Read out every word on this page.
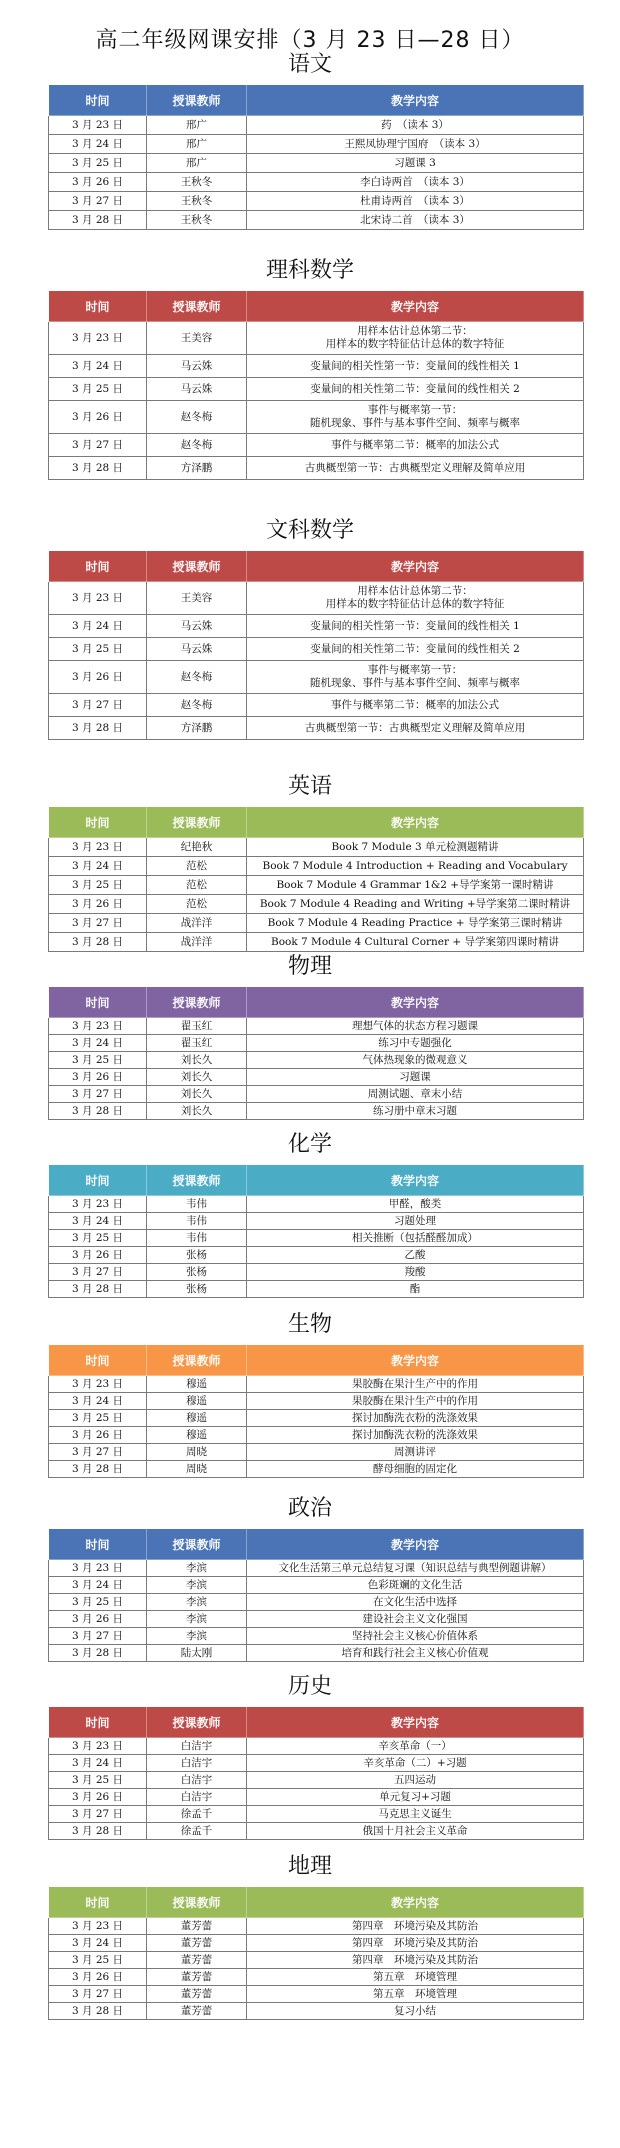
高二年级网课安排（3 月 23 日—28 日）
语文
时间	授课教师	教学内容
3 月 23 日	邢广	药　（读本 3）
3 月 24 日	邢广	王熙凤协理宁国府　（读本 3）
3 月 25 日	邢广	习题课 3
3 月 26 日	王秋冬	李白诗两首　（读本 3）
3 月 27 日	王秋冬	杜甫诗两首　（读本 3）
3 月 28 日	王秋冬	北宋诗二首　（读本 3）
理科数学
时间	授课教师	教学内容
3 月 23 日	王美容	用样本估计总体第二节：
用样本的数字特征估计总体的数字特征
3 月 24 日	马云姝	变量间的相关性第一节：变量间的线性相关 1
3 月 25 日	马云姝	变量间的相关性第二节：变量间的线性相关 2
3 月 26 日	赵冬梅	事件与概率第一节：
随机现象、事件与基本事件空间、频率与概率
3 月 27 日	赵冬梅	事件与概率第二节：概率的加法公式
3 月 28 日	方泽鹏	古典概型第一节：古典概型定义理解及简单应用
文科数学
时间	授课教师	教学内容
3 月 23 日	王美容	用样本估计总体第二节：
用样本的数字特征估计总体的数字特征
3 月 24 日	马云姝	变量间的相关性第一节：变量间的线性相关 1
3 月 25 日	马云姝	变量间的相关性第二节：变量间的线性相关 2
3 月 26 日	赵冬梅	事件与概率第一节：
随机现象、事件与基本事件空间、频率与概率
3 月 27 日	赵冬梅	事件与概率第二节：概率的加法公式
3 月 28 日	方泽鹏	古典概型第一节：古典概型定义理解及简单应用
英语
时间	授课教师	教学内容
3 月 23 日	纪艳秋	Book 7 Module 3 单元检测题精讲
3 月 24 日	范松	Book 7 Module 4 Introduction + Reading and Vocabulary
3 月 25 日	范松	Book 7 Module 4 Grammar 1&2 +导学案第一课时精讲
3 月 26 日	范松	Book 7 Module 4 Reading and Writing +导学案第二课时精讲
3 月 27 日	战洋洋	Book 7 Module 4 Reading Practice + 导学案第三课时精讲
3 月 28 日	战洋洋	Book 7 Module 4 Cultural Corner + 导学案第四课时精讲
物理
时间	授课教师	教学内容
3 月 23 日	翟玉红	理想气体的状态方程习题课
3 月 24 日	翟玉红	练习中专题强化
3 月 25 日	刘长久	气体热现象的微观意义
3 月 26 日	刘长久	习题课
3 月 27 日	刘长久	周测试题、章末小结
3 月 28 日	刘长久	练习册中章末习题
化学
时间	授课教师	教学内容
3 月 23 日	韦伟	甲醛，酸类
3 月 24 日	韦伟	习题处理
3 月 25 日	韦伟	相关推断（包括醛醛加成）
3 月 26 日	张杨	乙酸
3 月 27 日	张杨	羧酸
3 月 28 日	张杨	酯
生物
时间	授课教师	教学内容
3 月 23 日	穆遥	果胶酶在果汁生产中的作用
3 月 24 日	穆遥	果胶酶在果汁生产中的作用
3 月 25 日	穆遥	探讨加酶洗衣粉的洗涤效果
3 月 26 日	穆遥	探讨加酶洗衣粉的洗涤效果
3 月 27 日	周晓	周测讲评
3 月 28 日	周晓	酵母细胞的固定化
政治
时间	授课教师	教学内容
3 月 23 日	李滨	文化生活第三单元总结复习课（知识总结与典型例题讲解）
3 月 24 日	李滨	色彩斑斓的文化生活
3 月 25 日	李滨	在文化生活中选择
3 月 26 日	李滨	建设社会主义文化强国
3 月 27 日	李滨	坚持社会主义核心价值体系
3 月 28 日	陆太刚	培育和践行社会主义核心价值观
历史
时间	授课教师	教学内容
3 月 23 日	白洁宇	辛亥革命（一）
3 月 24 日	白洁宇	辛亥革命（二）+习题
3 月 25 日	白洁宇	五四运动
3 月 26 日	白洁宇	单元复习+习题
3 月 27 日	徐孟千	马克思主义诞生
3 月 28 日	徐孟千	俄国十月社会主义革命
地理
时间	授课教师	教学内容
3 月 23 日	董芳蕾	第四章　环境污染及其防治
3 月 24 日	董芳蕾	第四章　环境污染及其防治
3 月 25 日	董芳蕾	第四章　环境污染及其防治
3 月 26 日	董芳蕾	第五章　环境管理
3 月 27 日	董芳蕾	第五章　环境管理
3 月 28 日	董芳蕾	复习小结
